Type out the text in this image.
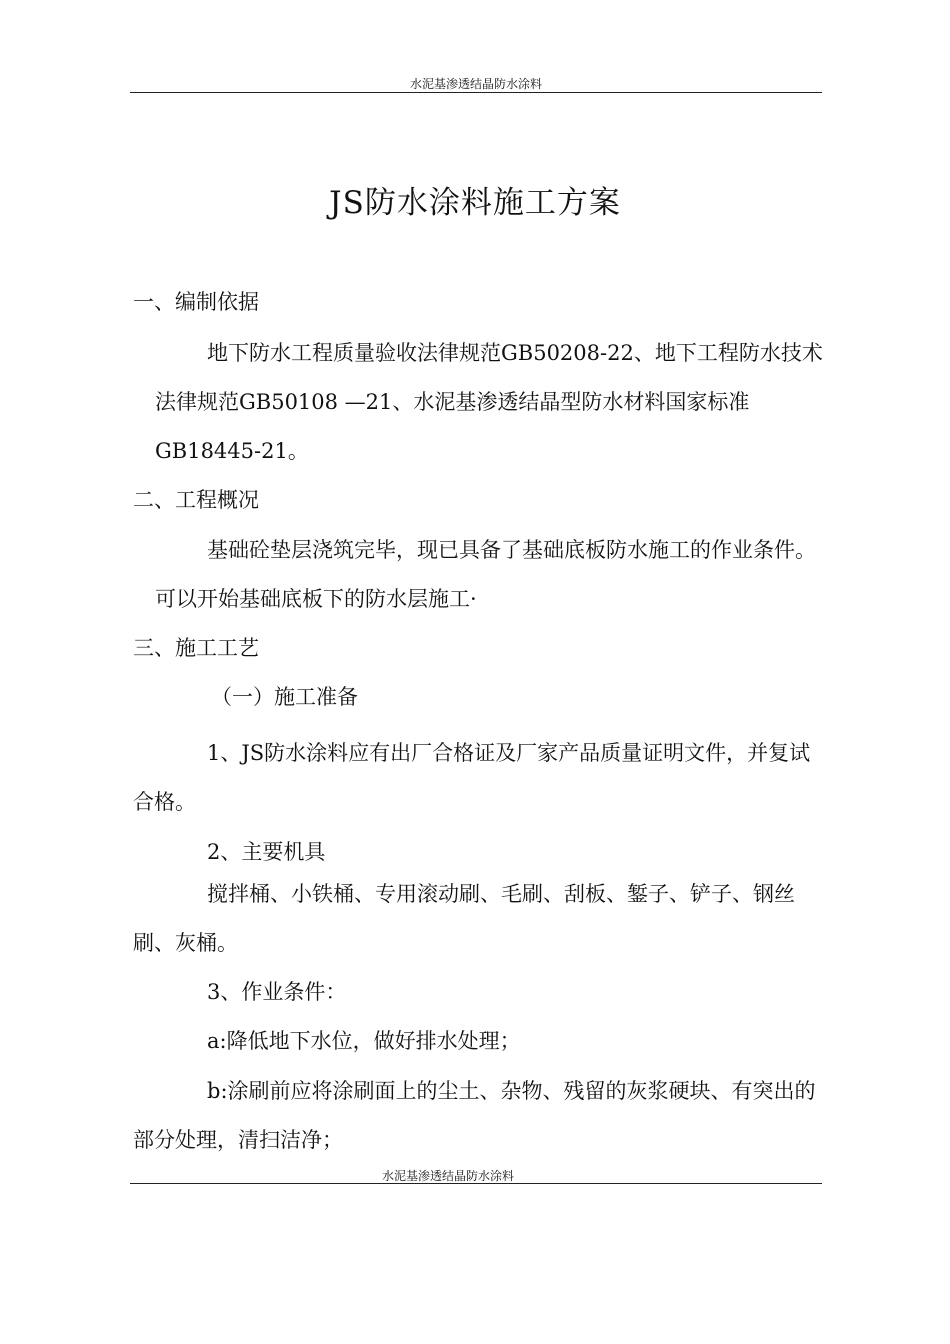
水泥基渗透结晶防水涂料
JS防水涂料施工方案

一、编制依据

地下防水工程质量验收法律规范GB50208-22、地下工程防水技术法律规范GB50108 —21、水泥基渗透结晶型防水材料国家标准GB18445-21。

二、工程概况

基础砼垫层浇筑完毕，现已具备了基础底板防水施工的作业条件。可以开始基础底板下的防水层施工·

三、施工工艺

（一）施工准备

1、JS防水涂料应有出厂合格证及厂家产品质量证明文件，并复试合格。

2、主要机具

搅拌桶、小铁桶、专用滚动刷、毛刷、刮板、錾子、铲子、钢丝刷、灰桶。

3、作业条件：

a:降低地下水位，做好排水处理；

b:涂刷前应将涂刷面上的尘土、杂物、残留的灰浆硬块、有突出的部分处理，清扫洁净；

水泥基渗透结晶防水涂料
